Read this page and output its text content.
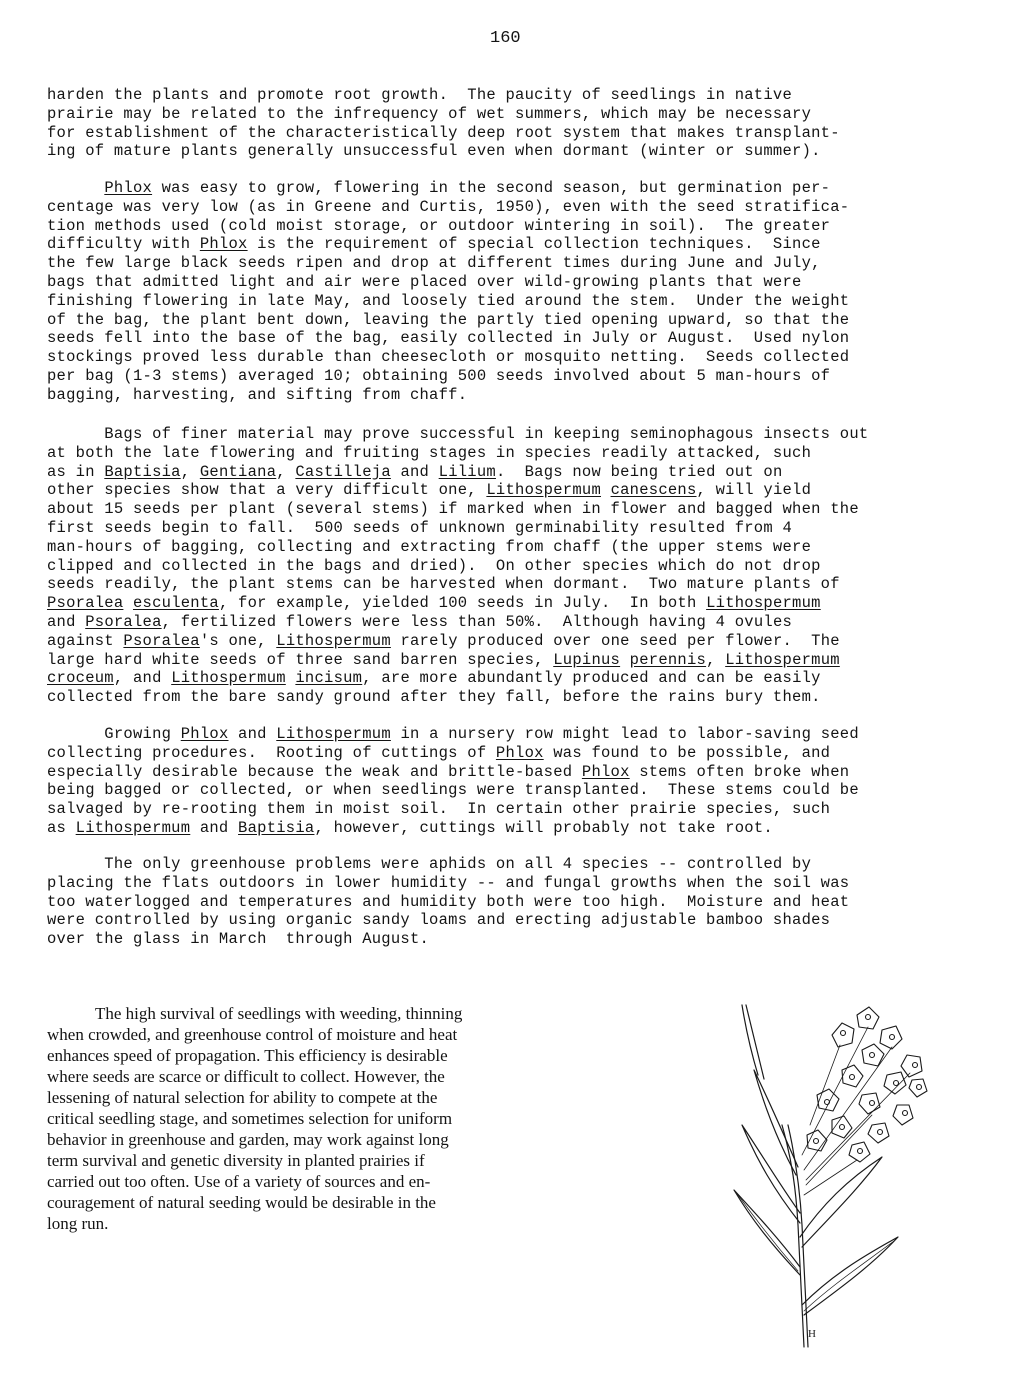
160
harden the plants and promote root growth.  The paucity of seedlings in native
prairie may be related to the infrequency of wet summers, which may be necessary
for establishment of the characteristically deep root system that makes transplant-
ing of mature plants generally unsuccessful even when dormant (winter or summer).
Phlox was easy to grow, flowering in the second season, but germination per-
centage was very low (as in Greene and Curtis, 1950), even with the seed stratifica-
tion methods used (cold moist storage, or outdoor wintering in soil).  The greater
difficulty with Phlox is the requirement of special collection techniques.  Since
the few large black seeds ripen and drop at different times during June and July,
bags that admitted light and air were placed over wild-growing plants that were
finishing flowering in late May, and loosely tied around the stem.  Under the weight
of the bag, the plant bent down, leaving the partly tied opening upward, so that the
seeds fell into the base of the bag, easily collected in July or August.  Used nylon
stockings proved less durable than cheesecloth or mosquito netting.  Seeds collected
per bag (1-3 stems) averaged 10; obtaining 500 seeds involved about 5 man-hours of
bagging, harvesting, and sifting from chaff.
Bags of finer material may prove successful in keeping seminophagous insects out
at both the late flowering and fruiting stages in species readily attacked, such
as in Baptisia, Gentiana, Castilleja and Lilium.  Bags now being tried out on
other species show that a very difficult one, Lithospermum canescens, will yield
about 15 seeds per plant (several stems) if marked when in flower and bagged when the
first seeds begin to fall.  500 seeds of unknown germinability resulted from 4
man-hours of bagging, collecting and extracting from chaff (the upper stems were
clipped and collected in the bags and dried).  On other species which do not drop
seeds readily, the plant stems can be harvested when dormant.  Two mature plants of
Psoralea esculenta, for example, yielded 100 seeds in July.  In both Lithospermum
and Psoralea, fertilized flowers were less than 50%.  Although having 4 ovules
against Psoralea's one, Lithospermum rarely produced over one seed per flower.  The
large hard white seeds of three sand barren species, Lupinus perennis, Lithospermum
croceum, and Lithospermum incisum, are more abundantly produced and can be easily
collected from the bare sandy ground after they fall, before the rains bury them.
Growing Phlox and Lithospermum in a nursery row might lead to labor-saving seed
collecting procedures.  Rooting of cuttings of Phlox was found to be possible, and
especially desirable because the weak and brittle-based Phlox stems often broke when
being bagged or collected, or when seedlings were transplanted.  These stems could be
salvaged by re-rooting them in moist soil.  In certain other prairie species, such
as Lithospermum and Baptisia, however, cuttings will probably not take root.
The only greenhouse problems were aphids on all 4 species -- controlled by
placing the flats outdoors in lower humidity -- and fungal growths when the soil was
too waterlogged and temperatures and humidity both were too high.  Moisture and heat
were controlled by using organic sandy loams and erecting adjustable bamboo shades
over the glass in March  through August.
The high survival of seedlings with weeding, thinning
when crowded, and greenhouse control of moisture and heat
enhances speed of propagation. This efficiency is desirable
where seeds are scarce or difficult to collect. However, the
lessening of natural selection for ability to compete at the
critical seedling stage, and sometimes selection for uniform
behavior in greenhouse and garden, may work against long
term survival and genetic diversity in planted prairies if
carried out too often. Use of a variety of sources and en-
couragement of natural seeding would be desirable in the
long run.
H
